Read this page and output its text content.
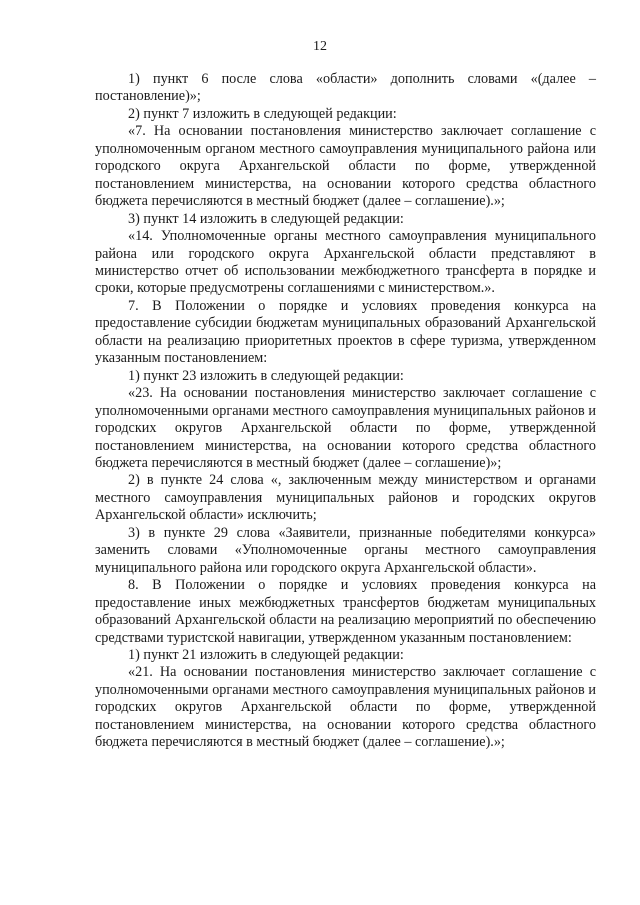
12

1) пункт 6 после слова «области» дополнить словами «(далее – постановление)»;

2) пункт 7 изложить в следующей редакции:

«7. На основании постановления министерство заключает соглашение с уполномоченным органом местного самоуправления муниципального района или городского округа Архангельской области по форме, утвержденной постановлением министерства, на основании которого средства областного бюджета перечисляются в местный бюджет (далее – соглашение).»;

3) пункт 14 изложить в следующей редакции:

«14. Уполномоченные органы местного самоуправления муниципального района или городского округа Архангельской области представляют в министерство отчет об использовании межбюджетного трансферта в порядке и сроки, которые предусмотрены соглашениями с министерством.».

7. В Положении о порядке и условиях проведения конкурса на предоставление субсидии бюджетам муниципальных образований Архангельской области на реализацию приоритетных проектов в сфере туризма, утвержденном указанным постановлением:

1) пункт 23 изложить в следующей редакции:

«23. На основании постановления министерство заключает соглашение с уполномоченными органами местного самоуправления муниципальных районов и городских округов Архангельской области по форме, утвержденной постановлением министерства, на основании которого средства областного бюджета перечисляются в местный бюджет (далее – соглашение)»;

2) в пункте 24 слова «, заключенным между министерством и органами местного самоуправления муниципальных районов и городских округов Архангельской области» исключить;

3) в пункте 29 слова «Заявители, признанные победителями конкурса» заменить словами «Уполномоченные органы местного самоуправления муниципального района или городского округа Архангельской области».

8. В Положении о порядке и условиях проведения конкурса на предоставление иных межбюджетных трансфертов бюджетам муниципальных образований Архангельской области на реализацию мероприятий по обеспечению средствами туристской навигации, утвержденном указанным постановлением:

1) пункт 21 изложить в следующей редакции:

«21. На основании постановления министерство заключает соглашение с уполномоченными органами местного самоуправления муниципальных районов и городских округов Архангельской области по форме, утвержденной постановлением министерства, на основании которого средства областного бюджета перечисляются в местный бюджет (далее – соглашение).»;
